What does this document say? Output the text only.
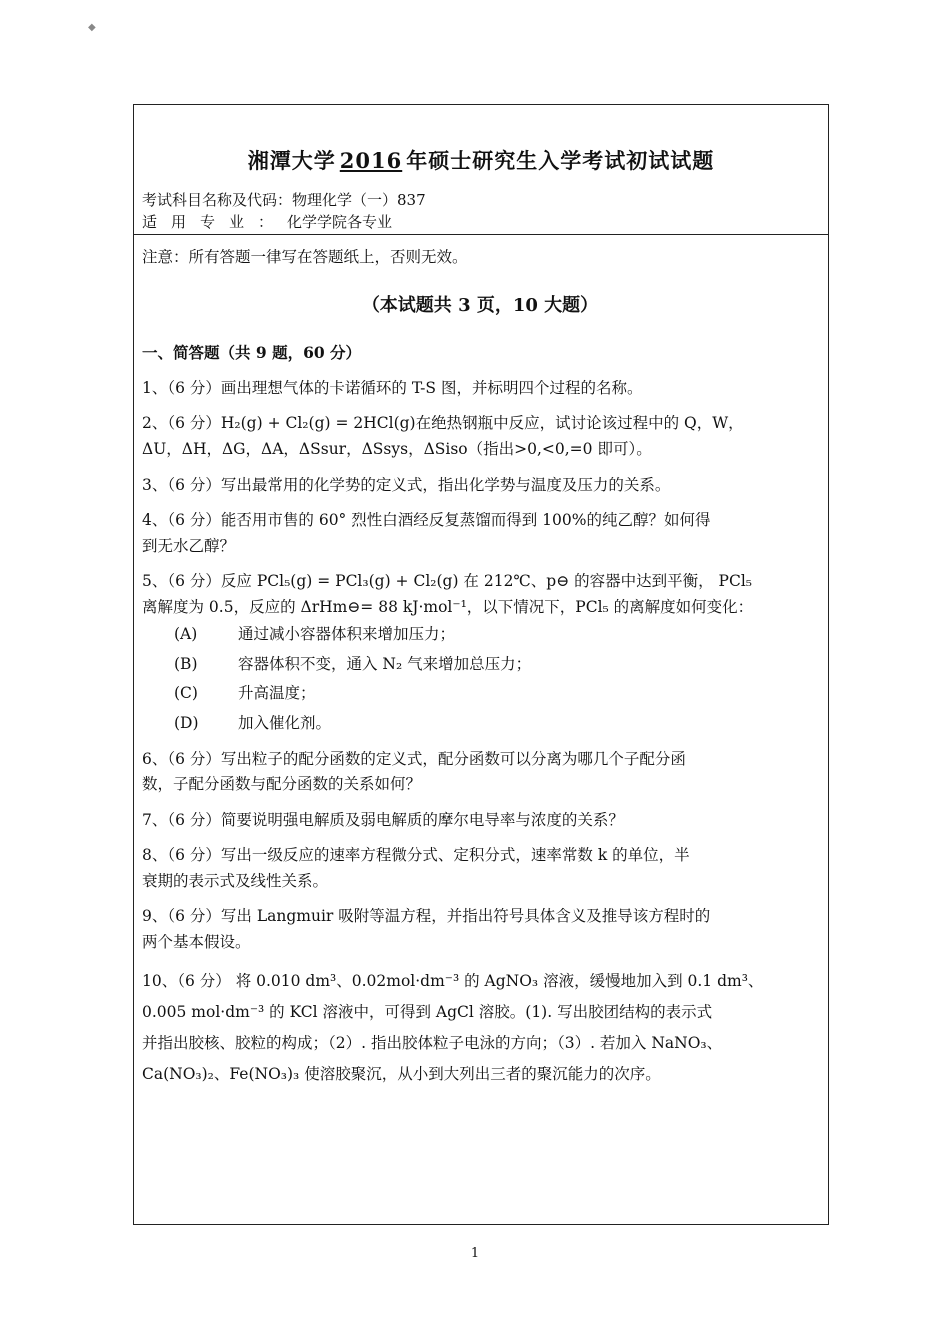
◆
湘潭大学 2016 年硕士研究生入学考试初试试题
考试科目名称及代码：物理化学（一）837
适用专业：化学学院各专业
注意：所有答题一律写在答题纸上，否则无效。
（本试题共 3 页，10 大题）
一、简答题（共 9 题，60 分）
1、（6 分）画出理想气体的卡诺循环的 T-S 图，并标明四个过程的名称。
2、（6 分）H₂(g) + Cl₂(g) = 2HCl(g)在绝热钢瓶中反应，试讨论该过程中的 Q，W，
ΔU，ΔH，ΔG，ΔA，ΔSsur，ΔSsys，ΔSiso（指出>0,<0,=0 即可）。
3、（6 分）写出最常用的化学势的定义式，指出化学势与温度及压力的关系。
4、（6 分）能否用市售的 60° 烈性白酒经反复蒸馏而得到 100%的纯乙醇？如何得
到无水乙醇？
5、（6 分）反应 PCl₅(g) = PCl₃(g) + Cl₂(g) 在 212℃、p⊖ 的容器中达到平衡， PCl₅
离解度为 0.5，反应的 ΔrHm⊖= 88 kJ·mol⁻¹，以下情况下，PCl₅ 的离解度如何变化：
(A)	通过减小容器体积来增加压力；
(B)	容器体积不变，通入 N₂ 气来增加总压力；
(C)	升高温度；
(D)	加入催化剂。
6、（6 分）写出粒子的配分函数的定义式，配分函数可以分离为哪几个子配分函
数，子配分函数与配分函数的关系如何？
7、（6 分）简要说明强电解质及弱电解质的摩尔电导率与浓度的关系？
8、（6 分）写出一级反应的速率方程微分式、定积分式，速率常数 k 的单位，半
衰期的表示式及线性关系。
9、（6 分）写出 Langmuir 吸附等温方程，并指出符号具体含义及推导该方程时的
两个基本假设。
10、（6 分） 将 0.010 dm³、0.02mol·dm⁻³ 的 AgNO₃ 溶液，缓慢地加入到 0.1 dm³、
0.005 mol·dm⁻³ 的 KCl 溶液中，可得到 AgCl 溶胶。(1). 写出胶团结构的表示式
并指出胶核、胶粒的构成；（2）. 指出胶体粒子电泳的方向；（3）. 若加入 NaNO₃、
Ca(NO₃)₂、Fe(NO₃)₃ 使溶胶聚沉，从小到大列出三者的聚沉能力的次序。
1
